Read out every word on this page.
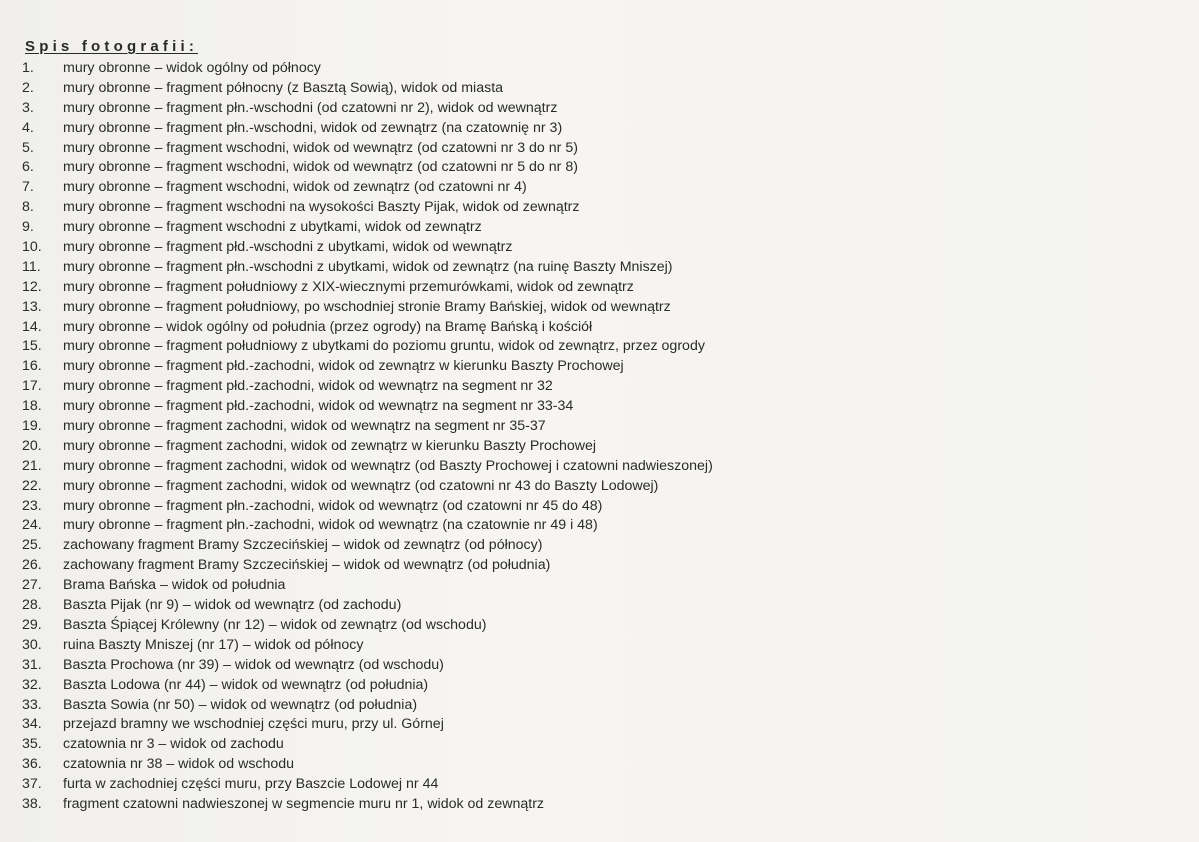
Spis fotografii:
1.	mury obronne – widok ogólny od północy
2.	mury obronne – fragment północny (z Basztą Sowią), widok od miasta
3.	mury obronne – fragment płn.-wschodni (od czatowni nr 2), widok od wewnątrz
4.	mury obronne – fragment płn.-wschodni, widok od zewnątrz (na czatownię nr 3)
5.	mury obronne – fragment wschodni, widok od wewnątrz (od czatowni nr 3 do nr 5)
6.	mury obronne – fragment wschodni, widok od wewnątrz (od czatowni nr 5 do nr 8)
7.	mury obronne – fragment wschodni, widok od zewnątrz (od czatowni nr 4)
8.	mury obronne – fragment wschodni na wysokości Baszty Pijak, widok od zewnątrz
9.	mury obronne – fragment wschodni z ubytkami, widok od zewnątrz
10.	mury obronne – fragment płd.-wschodni z ubytkami, widok od wewnątrz
11.	mury obronne – fragment płn.-wschodni z ubytkami, widok od zewnątrz (na ruinę Baszty Mniszej)
12.	mury obronne – fragment południowy z XIX-wiecznymi przemurówkami, widok od zewnątrz
13.	mury obronne – fragment południowy, po wschodniej stronie Bramy Bańskiej, widok od wewnątrz
14.	mury obronne – widok ogólny od południa (przez ogrody) na Bramę Bańską i kościół
15.	mury obronne – fragment południowy z ubytkami do poziomu gruntu, widok od zewnątrz, przez ogrody
16.	mury obronne – fragment płd.-zachodni, widok od zewnątrz w kierunku Baszty Prochowej
17.	mury obronne – fragment płd.-zachodni, widok od wewnątrz na segment nr 32
18.	mury obronne – fragment płd.-zachodni, widok od wewnątrz na segment nr 33-34
19.	mury obronne – fragment zachodni, widok od wewnątrz na segment nr 35-37
20.	mury obronne – fragment zachodni, widok od zewnątrz w kierunku Baszty Prochowej
21.	mury obronne – fragment zachodni, widok od wewnątrz (od Baszty Prochowej i czatowni nadwieszonej)
22.	mury obronne – fragment zachodni, widok od wewnątrz (od czatowni nr 43 do Baszty Lodowej)
23.	mury obronne – fragment płn.-zachodni, widok od wewnątrz (od czatowni nr 45 do 48)
24.	mury obronne – fragment płn.-zachodni, widok od wewnątrz (na czatownie nr 49 i 48)
25.	zachowany fragment Bramy Szczecińskiej – widok od zewnątrz (od północy)
26.	zachowany fragment Bramy Szczecińskiej – widok od wewnątrz (od południa)
27.	Brama Bańska – widok od południa
28.	Baszta Pijak (nr 9) – widok od wewnątrz (od zachodu)
29.	Baszta Śpiącej Królewny (nr 12) – widok od zewnątrz (od wschodu)
30.	ruina Baszty Mniszej (nr 17) – widok od północy
31.	Baszta Prochowa (nr 39) – widok od wewnątrz (od wschodu)
32.	Baszta Lodowa (nr 44) – widok od wewnątrz (od południa)
33.	Baszta Sowia (nr 50) – widok od wewnątrz (od południa)
34.	przejazd bramny we wschodniej części muru, przy ul. Górnej
35.	czatownia nr 3 – widok od zachodu
36.	czatownia nr 38 – widok od wschodu
37.	furta w zachodniej części muru, przy Baszcie Lodowej nr 44
38.	fragment czatowni nadwieszonej w segmencie muru nr 1, widok od zewnątrz
